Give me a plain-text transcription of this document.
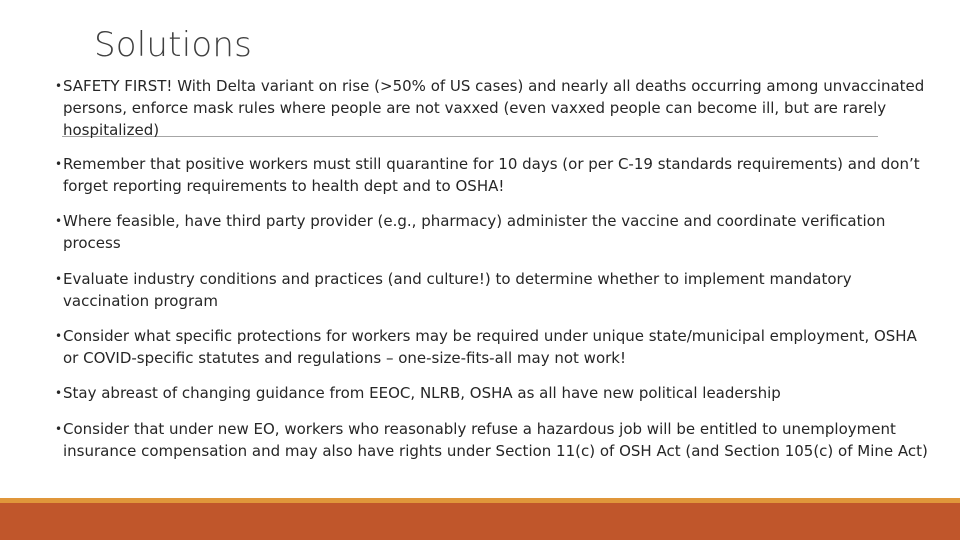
Solutions
• SAFETY FIRST! With Delta variant on rise (>50% of US cases) and nearly all deaths occurring among unvaccinated persons, enforce mask rules where people are not vaxxed (even vaxxed people can become ill, but are rarely hospitalized)
• Remember that positive workers must still quarantine for 10 days (or per C-19 standards requirements) and don’t forget reporting requirements to health dept and to OSHA!
• Where feasible, have third party provider (e.g., pharmacy) administer the vaccine and coordinate verification process
• Evaluate industry conditions and practices (and culture!) to determine whether to implement mandatory vaccination program
• Consider what specific protections for workers may be required under unique state/municipal employment, OSHA or COVID-specific statutes and regulations – one-size-fits-all may not work!
• Stay abreast of changing guidance from EEOC, NLRB, OSHA as all have new political leadership
• Consider that under new EO, workers who reasonably refuse a hazardous job will be entitled to unemployment insurance compensation and may also have rights under Section 11(c) of OSH Act (and Section 105(c) of Mine Act)
